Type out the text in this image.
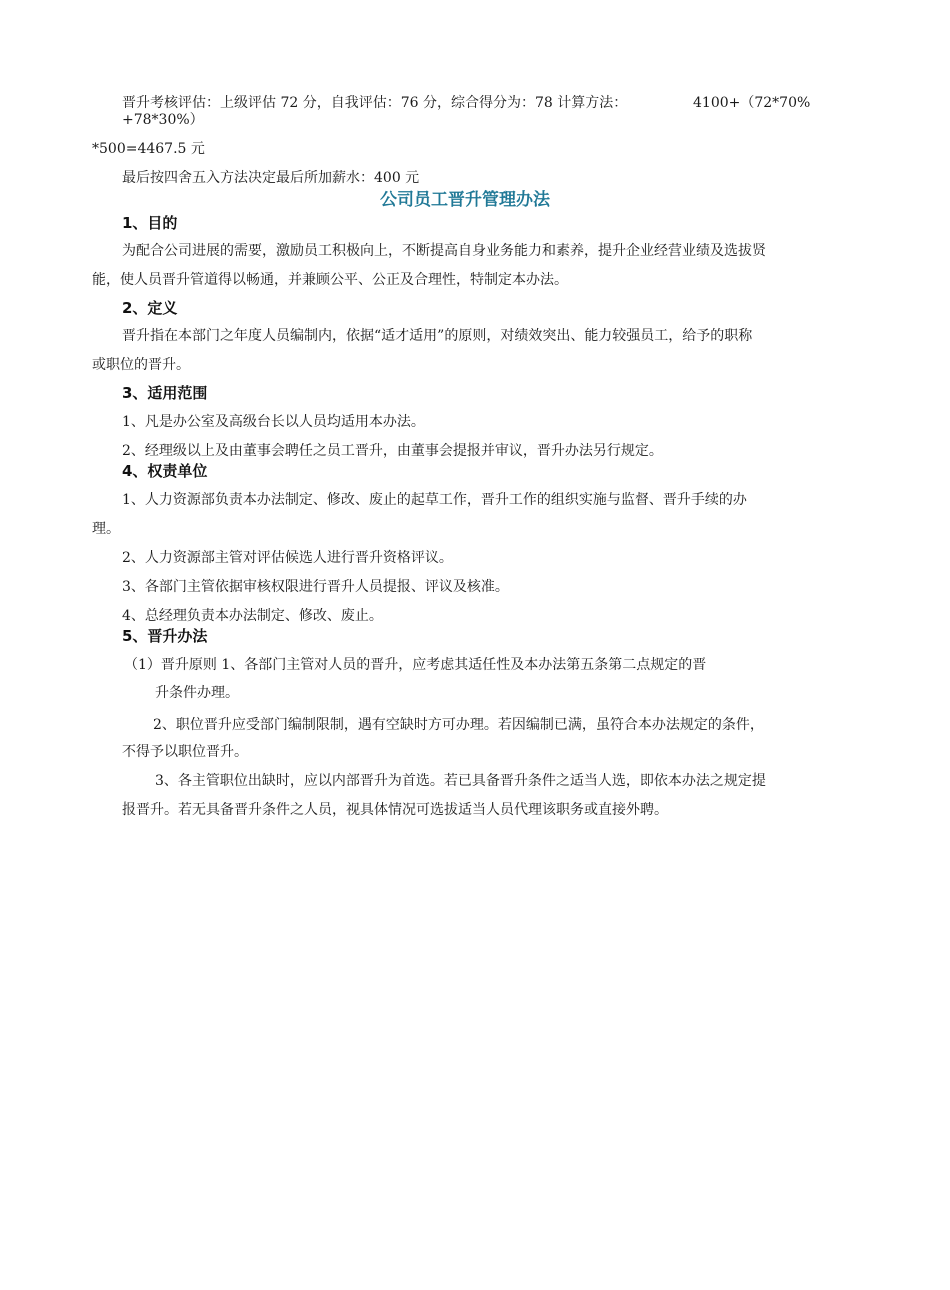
晋升考核评估：上级评估 72 分，自我评估：76 分，综合得分为：78 计算方法：	4100+（72*70%
+78*30%）
*500=4467.5 元
最后按四舍五入方法决定最后所加薪水：400 元
公司员工晋升管理办法
1、目的
为配合公司进展的需要，激励员工积极向上，不断提高自身业务能力和素养，提升企业经营业绩及选拔贤
能，使人员晋升管道得以畅通，并兼顾公平、公正及合理性，特制定本办法。
2、定义
晋升指在本部门之年度人员编制内，依据“适才适用”的原则，对绩效突出、能力较强员工，给予的职称
或职位的晋升。
3、适用范围
1、凡是办公室及高级台长以人员均适用本办法。
2、经理级以上及由董事会聘任之员工晋升，由董事会提报并审议，晋升办法另行规定。
4、权责单位
1、人力资源部负责本办法制定、修改、废止的起草工作，晋升工作的组织实施与监督、晋升手续的办
理。
2、人力资源部主管对评估候选人进行晋升资格评议。
3、各部门主管依据审核权限进行晋升人员提报、评议及核准。
4、总经理负责本办法制定、修改、废止。
5、晋升办法
（1）晋升原则 1、各部门主管对人员的晋升，应考虑其适任性及本办法第五条第二点规定的晋
升条件办理。
2、职位晋升应受部门编制限制，遇有空缺时方可办理。若因编制已满，虽符合本办法规定的条件，
不得予以职位晋升。
3、各主管职位出缺时，应以内部晋升为首选。若已具备晋升条件之适当人选，即依本办法之规定提
报晋升。若无具备晋升条件之人员，视具体情况可选拔适当人员代理该职务或直接外聘。
